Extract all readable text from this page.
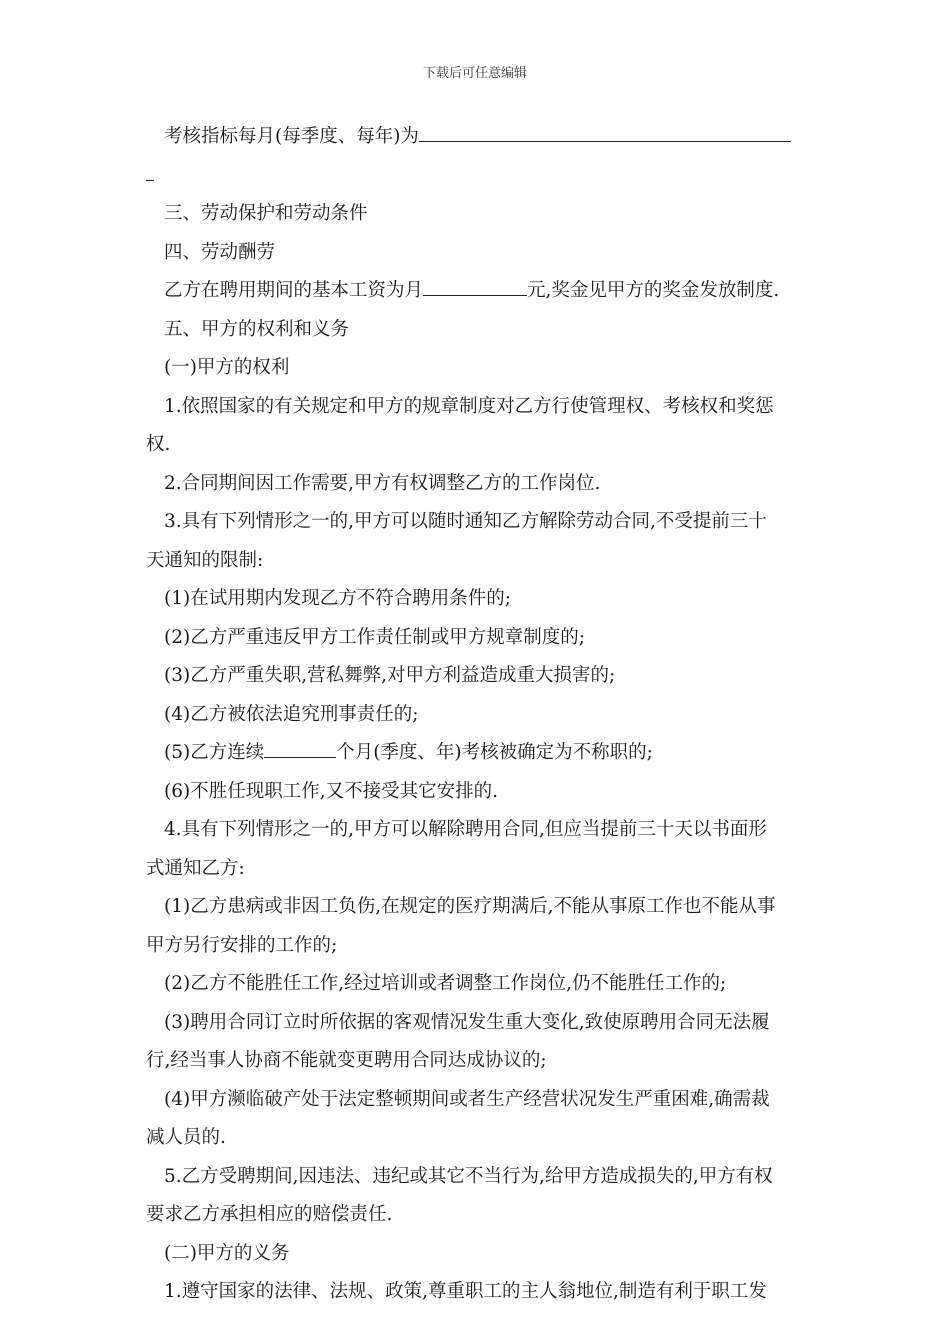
下载后可任意编辑
考核指标每月(每季度、每年)为
三、劳动保护和劳动条件
四、劳动酬劳
乙方在聘用期间的基本工资为月	元,奖金见甲方的奖金发放制度.
五、甲方的权利和义务
(一)甲方的权利
1.依照国家的有关规定和甲方的规章制度对乙方行使管理权、考核权和奖惩
权.
2.合同期间因工作需要,甲方有权调整乙方的工作岗位.
3.具有下列情形之一的,甲方可以随时通知乙方解除劳动合同,不受提前三十
天通知的限制:
(1)在试用期内发现乙方不符合聘用条件的;
(2)乙方严重违反甲方工作责任制或甲方规章制度的;
(3)乙方严重失职,营私舞弊,对甲方利益造成重大损害的;
(4)乙方被依法追究刑事责任的;
(5)乙方连续	个月(季度、年)考核被确定为不称职的;
(6)不胜任现职工作,又不接受其它安排的.
4.具有下列情形之一的,甲方可以解除聘用合同,但应当提前三十天以书面形
式通知乙方:
(1)乙方患病或非因工负伤,在规定的医疗期满后,不能从事原工作也不能从事
甲方另行安排的工作的;
(2)乙方不能胜任工作,经过培训或者调整工作岗位,仍不能胜任工作的;
(3)聘用合同订立时所依据的客观情况发生重大变化,致使原聘用合同无法履
行,经当事人协商不能就变更聘用合同达成协议的;
(4)甲方濒临破产处于法定整顿期间或者生产经营状况发生严重困难,确需裁
减人员的.
5.乙方受聘期间,因违法、违纪或其它不当行为,给甲方造成损失的,甲方有权
要求乙方承担相应的赔偿责任.
(二)甲方的义务
1.遵守国家的法律、法规、政策,尊重职工的主人翁地位,制造有利于职工发
